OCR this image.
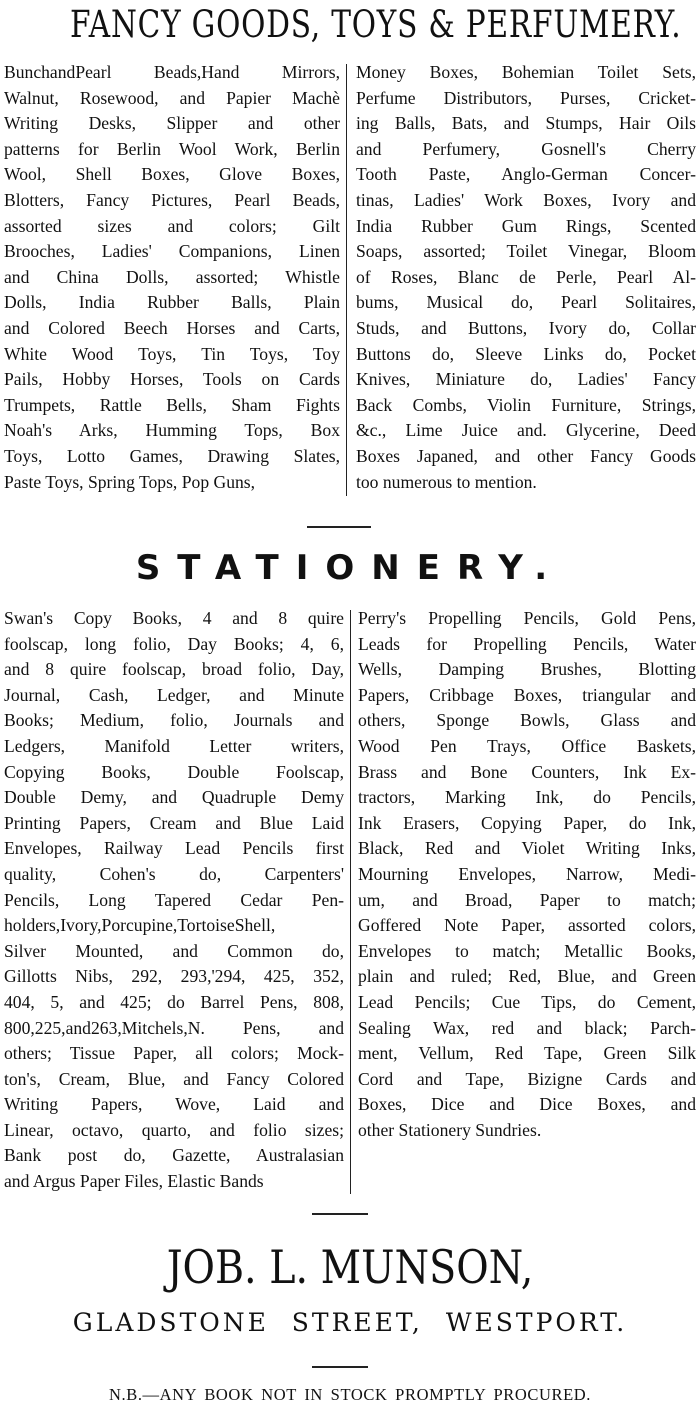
FANCY GOODS, TOYS & PERFUMERY.
BunchandPearl Beads,Hand Mirrors,
Walnut, Rosewood, and Papier Machè
Writing Desks, Slipper and other
patterns for Berlin Wool Work, Berlin
Wool, Shell Boxes, Glove Boxes,
Blotters, Fancy Pictures, Pearl Beads,
assorted sizes and colors; Gilt
Brooches, Ladies' Companions, Linen
and China Dolls, assorted; Whistle
Dolls, India Rubber Balls, Plain
and Colored Beech Horses and Carts,
White Wood Toys, Tin Toys, Toy
Pails, Hobby Horses, Tools on Cards
Trumpets, Rattle Bells, Sham Fights
Noah's Arks, Humming Tops, Box
Toys, Lotto Games, Drawing Slates,
Paste Toys, Spring Tops, Pop Guns,
Money Boxes, Bohemian Toilet Sets,
Perfume Distributors, Purses, Cricket-
ing Balls, Bats, and Stumps, Hair Oils
and Perfumery, Gosnell's Cherry
Tooth Paste, Anglo-German Concer-
tinas, Ladies' Work Boxes, Ivory and
India Rubber Gum Rings, Scented
Soaps, assorted; Toilet Vinegar, Bloom
of Roses, Blanc de Perle, Pearl Al-
bums, Musical do, Pearl Solitaires,
Studs, and Buttons, Ivory do, Collar
Buttons do, Sleeve Links do, Pocket
Knives, Miniature do, Ladies' Fancy
Back Combs, Violin Furniture, Strings,
&c., Lime Juice and. Glycerine, Deed
Boxes Japaned, and other Fancy Goods
too numerous to mention.
STATIONERY.
Swan's Copy Books, 4 and 8 quire
foolscap, long folio, Day Books; 4, 6,
and 8 quire foolscap, broad folio, Day,
Journal, Cash, Ledger, and Minute
Books; Medium, folio, Journals and
Ledgers, Manifold Letter writers,
Copying Books, Double Foolscap,
Double Demy, and Quadruple Demy
Printing Papers, Cream and Blue Laid
Envelopes, Railway Lead Pencils first
quality, Cohen's do, Carpenters'
Pencils, Long Tapered Cedar Pen-
holders,Ivory,Porcupine,TortoiseShell,
Silver Mounted, and Common do,
Gillotts Nibs, 292, 293,'294, 425, 352,
404, 5, and 425; do Barrel Pens, 808,
800,225,and263,Mitchels,N. Pens, and
others; Tissue Paper, all colors; Mock-
ton's, Cream, Blue, and Fancy Colored
Writing Papers, Wove, Laid and
Linear, octavo, quarto, and folio sizes;
Bank post do, Gazette, Australasian
and Argus Paper Files, Elastic Bands
Perry's Propelling Pencils, Gold Pens,
Leads for Propelling Pencils, Water
Wells, Damping Brushes, Blotting
Papers, Cribbage Boxes, triangular and
others, Sponge Bowls, Glass and
Wood Pen Trays, Office Baskets,
Brass and Bone Counters, Ink Ex-
tractors, Marking Ink, do Pencils,
Ink Erasers, Copying Paper, do Ink,
Black, Red and Violet Writing Inks,
Mourning Envelopes, Narrow, Medi-
um, and Broad, Paper to match;
Goffered Note Paper, assorted colors,
Envelopes to match; Metallic Books,
plain and ruled; Red, Blue, and Green
Lead Pencils; Cue Tips, do Cement,
Sealing Wax, red and black; Parch-
ment, Vellum, Red Tape, Green Silk
Cord and Tape, Bizigne Cards and
Boxes, Dice and Dice Boxes, and
other Stationery Sundries.
JOB. L. MUNSON,
GLADSTONE STREET, WESTPORT.
N.B.—ANY BOOK NOT IN STOCK PROMPTLY PROCURED.
